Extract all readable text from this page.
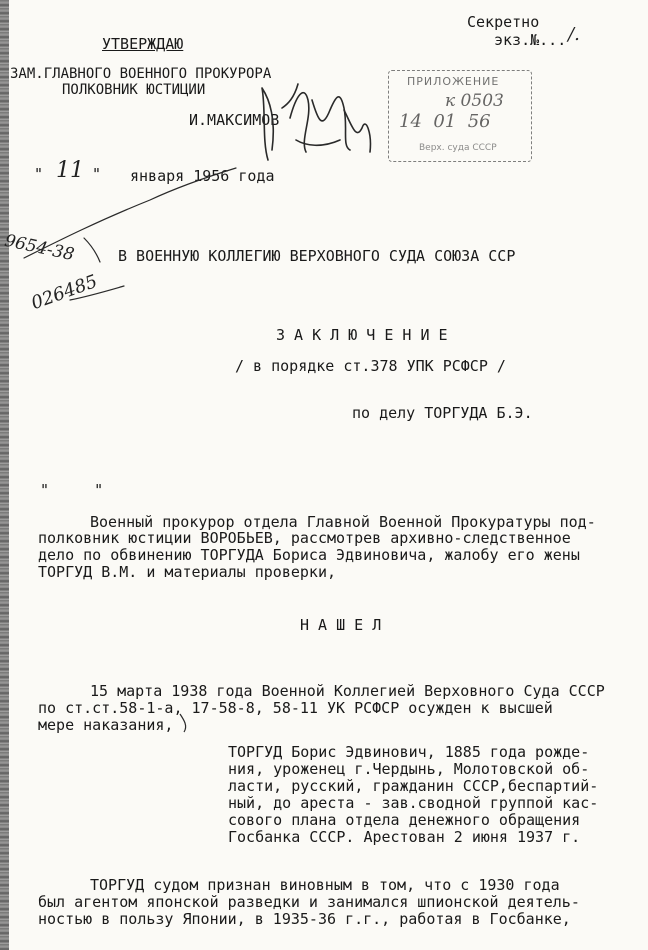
Секретно
экз.№... /.
УТВЕРЖДАЮ
ЗАМ.ГЛАВНОГО ВОЕННОГО ПРОКУРОРА
ПОЛКОВНИК ЮСТИЦИИ
И.МАКСИМОВ
ПРИЛОЖЕНИЕ
к 0503
14  01  56
Верх. суда СССР
" 11 " января 1956 года
9654-38
026485
В ВОЕННУЮ КОЛЛЕГИЮ ВЕРХОВНОГО СУДА СОЮЗА ССР
З А К Л Ю Ч Е Н И Е
/ в порядке ст.378 УПК РСФСР /
по делу ТОРГУДА Б.Э.
"     "
Военный прокурор отдела Главной Военной Прокуратуры под-
полковник юстиции ВОРОБЬЕВ, рассмотрев архивно-следственное
дело по обвинению ТОРГУДА Бориса Эдвиновича, жалобу его жены
ТОРГУД В.М. и материалы проверки,
Н А Ш Е Л
15 марта 1938 года Военной Коллегией Верховного Суда СССР
по ст.ст.58-1-а, 17-58-8, 58-11 УК РСФСР осужден к высшей
мере наказания,
ТОРГУД Борис Эдвинович, 1885 года рожде-
ния, уроженец г.Чердынь, Молотовской об-
ласти, русский, гражданин СССР,беспартий-
ный, до ареста - зав.сводной группой кас-
сового плана отдела денежного обращения
Госбанка СССР. Арестован 2 июня 1937 г.
ТОРГУД судом признан виновным в том, что с 1930 года
был агентом японской разведки и занимался шпионской деятель-
ностью в пользу Японии, в 1935-36 г.г., работая в Госбанке,
